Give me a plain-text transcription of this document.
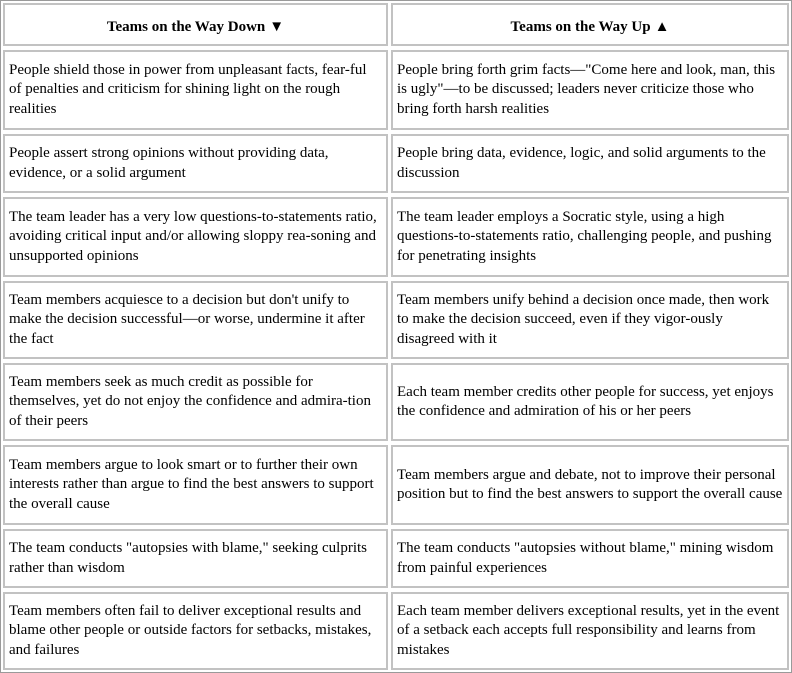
Teams on the Way Down ▼	Teams on the Way Up ▲
People shield those in power from unpleasant facts, fear-ful of penalties and criticism for shining light on the rough realities
People bring forth grim facts—"Come here and look, man, this is ugly"—to be discussed; leaders never criticize those who bring forth harsh realities
People assert strong opinions without providing data, evidence, or a solid argument
People bring data, evidence, logic, and solid arguments to the discussion
The team leader has a very low questions-to-statements ratio, avoiding critical input and/or allowing sloppy rea-soning and unsupported opinions
The team leader employs a Socratic style, using a high questions-to-statements ratio, challenging people, and pushing for penetrating insights
Team members acquiesce to a decision but don't unify to make the decision successful—or worse, undermine it after the fact
Team members unify behind a decision once made, then work to make the decision succeed, even if they vigor-ously disagreed with it
Team members seek as much credit as possible for themselves, yet do not enjoy the confidence and admira-tion of their peers
Each team member credits other people for success, yet enjoys the confidence and admiration of his or her peers
Team members argue to look smart or to further their own interests rather than argue to find the best answers to support the overall cause
Team members argue and debate, not to improve their personal position but to find the best answers to support the overall cause
The team conducts "autopsies with blame," seeking culprits rather than wisdom
The team conducts "autopsies without blame," mining wisdom from painful experiences
Team members often fail to deliver exceptional results and blame other people or outside factors for setbacks, mistakes, and failures
Each team member delivers exceptional results, yet in the event of a setback each accepts full responsibility and learns from mistakes
